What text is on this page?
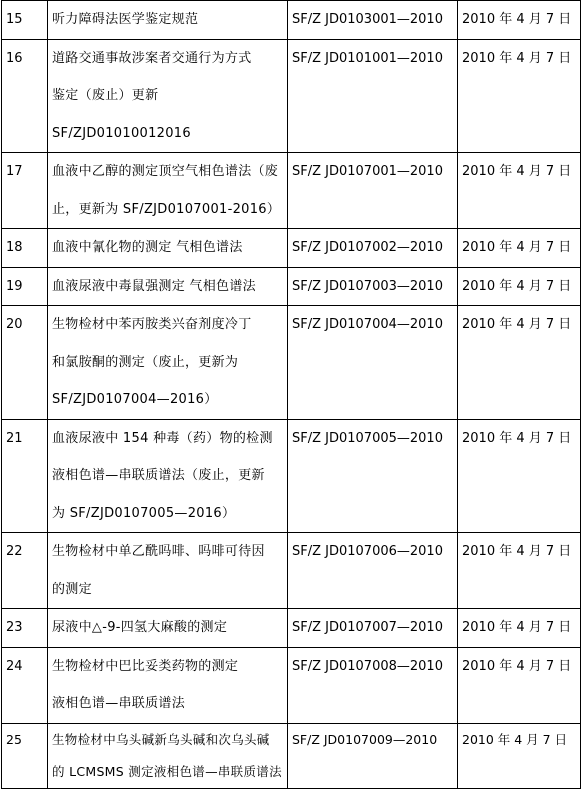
15	听力障碍法医学鉴定规范	SF/Z JD0103001—2010	2010 年 4 月 7 日
16	道路交通事故涉案者交通行为方式
鉴定（废止）更新
SF/ZJD01010012016	SF/Z JD0101001—2010	2010 年 4 月 7 日
17	血液中乙醇的测定顶空气相色谱法（废
止，更新为 SF/ZJD0107001-2016）	SF/Z JD0107001—2010	2010 年 4 月 7 日
18	血液中氰化物的测定 气相色谱法	SF/Z JD0107002—2010	2010 年 4 月 7 日
19	血液尿液中毒鼠强测定 气相色谱法	SF/Z JD0107003—2010	2010 年 4 月 7 日
20	生物检材中苯丙胺类兴奋剂度冷丁
和氯胺酮的测定（废止，更新为
SF/ZJD0107004—2016）	SF/Z JD0107004—2010	2010 年 4 月 7 日
21	血液尿液中 154 种毒（药）物的检测
液相色谱—串联质谱法（废止，更新
为 SF/ZJD0107005—2016）	SF/Z JD0107005—2010	2010 年 4 月 7 日
22	生物检材中单乙酰吗啡、吗啡可待因
的测定	SF/Z JD0107006—2010	2010 年 4 月 7 日
23	尿液中△-9-四氢大麻酸的测定	SF/Z JD0107007—2010	2010 年 4 月 7 日
24	生物检材中巴比妥类药物的测定
液相色谱—串联质谱法	SF/Z JD0107008—2010	2010 年 4 月 7 日
25	生物检材中乌头碱新乌头碱和次乌头碱
的 LCMSMS 测定液相色谱—串联质谱法	SF/Z JD0107009—2010	2010 年 4 月 7 日
